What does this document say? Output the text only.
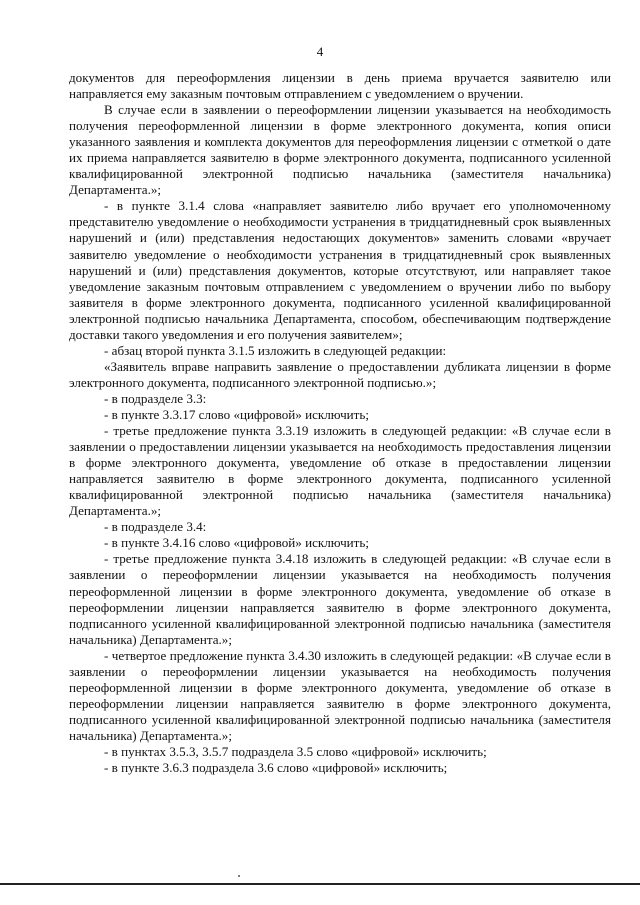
4

документов для переоформления лицензии в день приема вручается заявителю или направляется ему заказным почтовым отправлением с уведомлением о вручении.

В случае если в заявлении о переоформлении лицензии указывается на необходимость получения переоформленной лицензии в форме электронного документа, копия описи указанного заявления и комплекта документов для переоформления лицензии с отметкой о дате их приема направляется заявителю в форме электронного документа, подписанного усиленной квалифицированной электронной подписью начальника (заместителя начальника) Департамента.»;

- в пункте 3.1.4 слова «направляет заявителю либо вручает его уполномоченному представителю уведомление о необходимости устранения в тридцатидневный срок выявленных нарушений и (или) представления недостающих документов» заменить словами «вручает заявителю уведомление о необходимости устранения в тридцатидневный срок выявленных нарушений и (или) представления документов, которые отсутствуют, или направляет такое уведомление заказным почтовым отправлением с уведомлением о вручении либо по выбору заявителя в форме электронного документа, подписанного усиленной квалифицированной электронной подписью начальника Департамента, способом, обеспечивающим подтверждение доставки такого уведомления и его получения заявителем»;

- абзац второй пункта 3.1.5 изложить в следующей редакции:

«Заявитель вправе направить заявление о предоставлении дубликата лицензии в форме электронного документа, подписанного электронной подписью.»;

- в подразделе 3.3:

- в пункте 3.3.17 слово «цифровой» исключить;

- третье предложение пункта 3.3.19 изложить в следующей редакции: «В случае если в заявлении о предоставлении лицензии указывается на необходимость предоставления лицензии в форме электронного документа, уведомление об отказе в предоставлении лицензии направляется заявителю в форме электронного документа, подписанного усиленной квалифицированной электронной подписью начальника (заместителя начальника) Департамента.»;

- в подразделе 3.4:

- в пункте 3.4.16 слово «цифровой» исключить;

- третье предложение пункта 3.4.18 изложить в следующей редакции: «В случае если в заявлении о переоформлении лицензии указывается на необходимость получения переоформленной лицензии в форме электронного документа, уведомление об отказе в переоформлении лицензии направляется заявителю в форме электронного документа, подписанного усиленной квалифицированной электронной подписью начальника (заместителя начальника) Департамента.»;

- четвертое предложение пункта 3.4.30 изложить в следующей редакции: «В случае если в заявлении о переоформлении лицензии указывается на необходимость получения переоформленной лицензии в форме электронного документа, уведомление об отказе в переоформлении лицензии направляется заявителю в форме электронного документа, подписанного усиленной квалифицированной электронной подписью начальника (заместителя начальника) Департамента.»;

- в пунктах 3.5.3, 3.5.7 подраздела 3.5 слово «цифровой» исключить;

- в пункте 3.6.3 подраздела 3.6 слово «цифровой» исключить;
